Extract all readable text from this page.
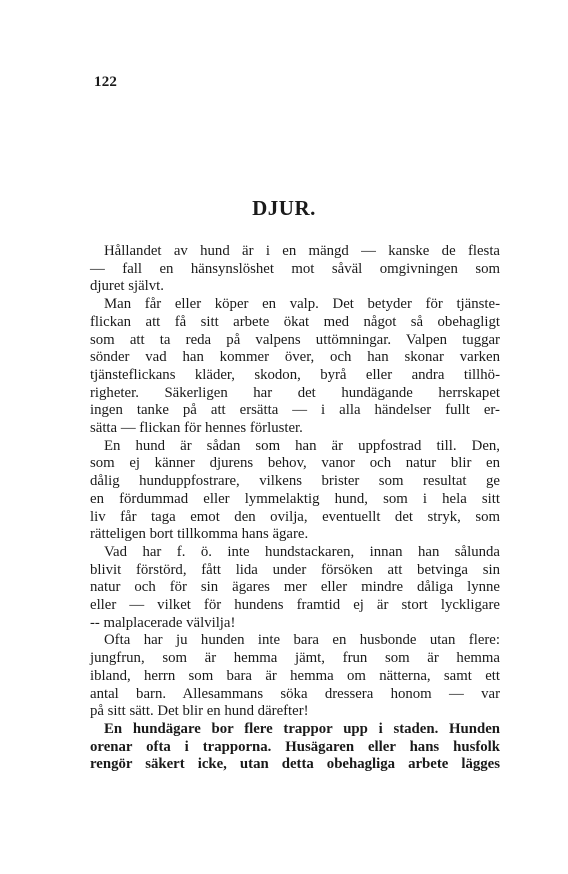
122
DJUR.
Hållandet av hund är i en mängd — kanske de flesta
— fall en hänsynslöshet mot såväl omgivningen som
djuret självt.
Man får eller köper en valp. Det betyder för tjänste-
flickan att få sitt arbete ökat med något så obehagligt
som att ta reda på valpens uttömningar. Valpen tuggar
sönder vad han kommer över, och han skonar varken
tjänsteflickans kläder, skodon, byrå eller andra tillhö-
righeter. Säkerligen har det hundägande herrskapet
ingen tanke på att ersätta — i alla händelser fullt er-
sätta — flickan för hennes förluster.
En hund är sådan som han är uppfostrad till. Den,
som ej känner djurens behov, vanor och natur blir en
dålig hunduppfostrare, vilkens brister som resultat ge
en fördummad eller lymmelaktig hund, som i hela sitt
liv får taga emot den ovilja, eventuellt det stryk, som
rätteligen bort tillkomma hans ägare.
Vad har f. ö. inte hundstackaren, innan han sålunda
blivit förstörd, fått lida under försöken att betvinga sin
natur och för sin ägares mer eller mindre dåliga lynne
eller — vilket för hundens framtid ej är stort lyckligare
-- malplacerade välvilja!
Ofta har ju hunden inte bara en husbonde utan flere:
jungfrun, som är hemma jämt, frun som är hemma
ibland, herrn som bara är hemma om nätterna, samt ett
antal barn. Allesammans söka dressera honom — var
på sitt sätt. Det blir en hund därefter!
En hundägare bor flere trappor upp i staden. Hunden
orenar ofta i trapporna. Husägaren eller hans husfolk
rengör säkert icke, utan detta obehagliga arbete lägges
